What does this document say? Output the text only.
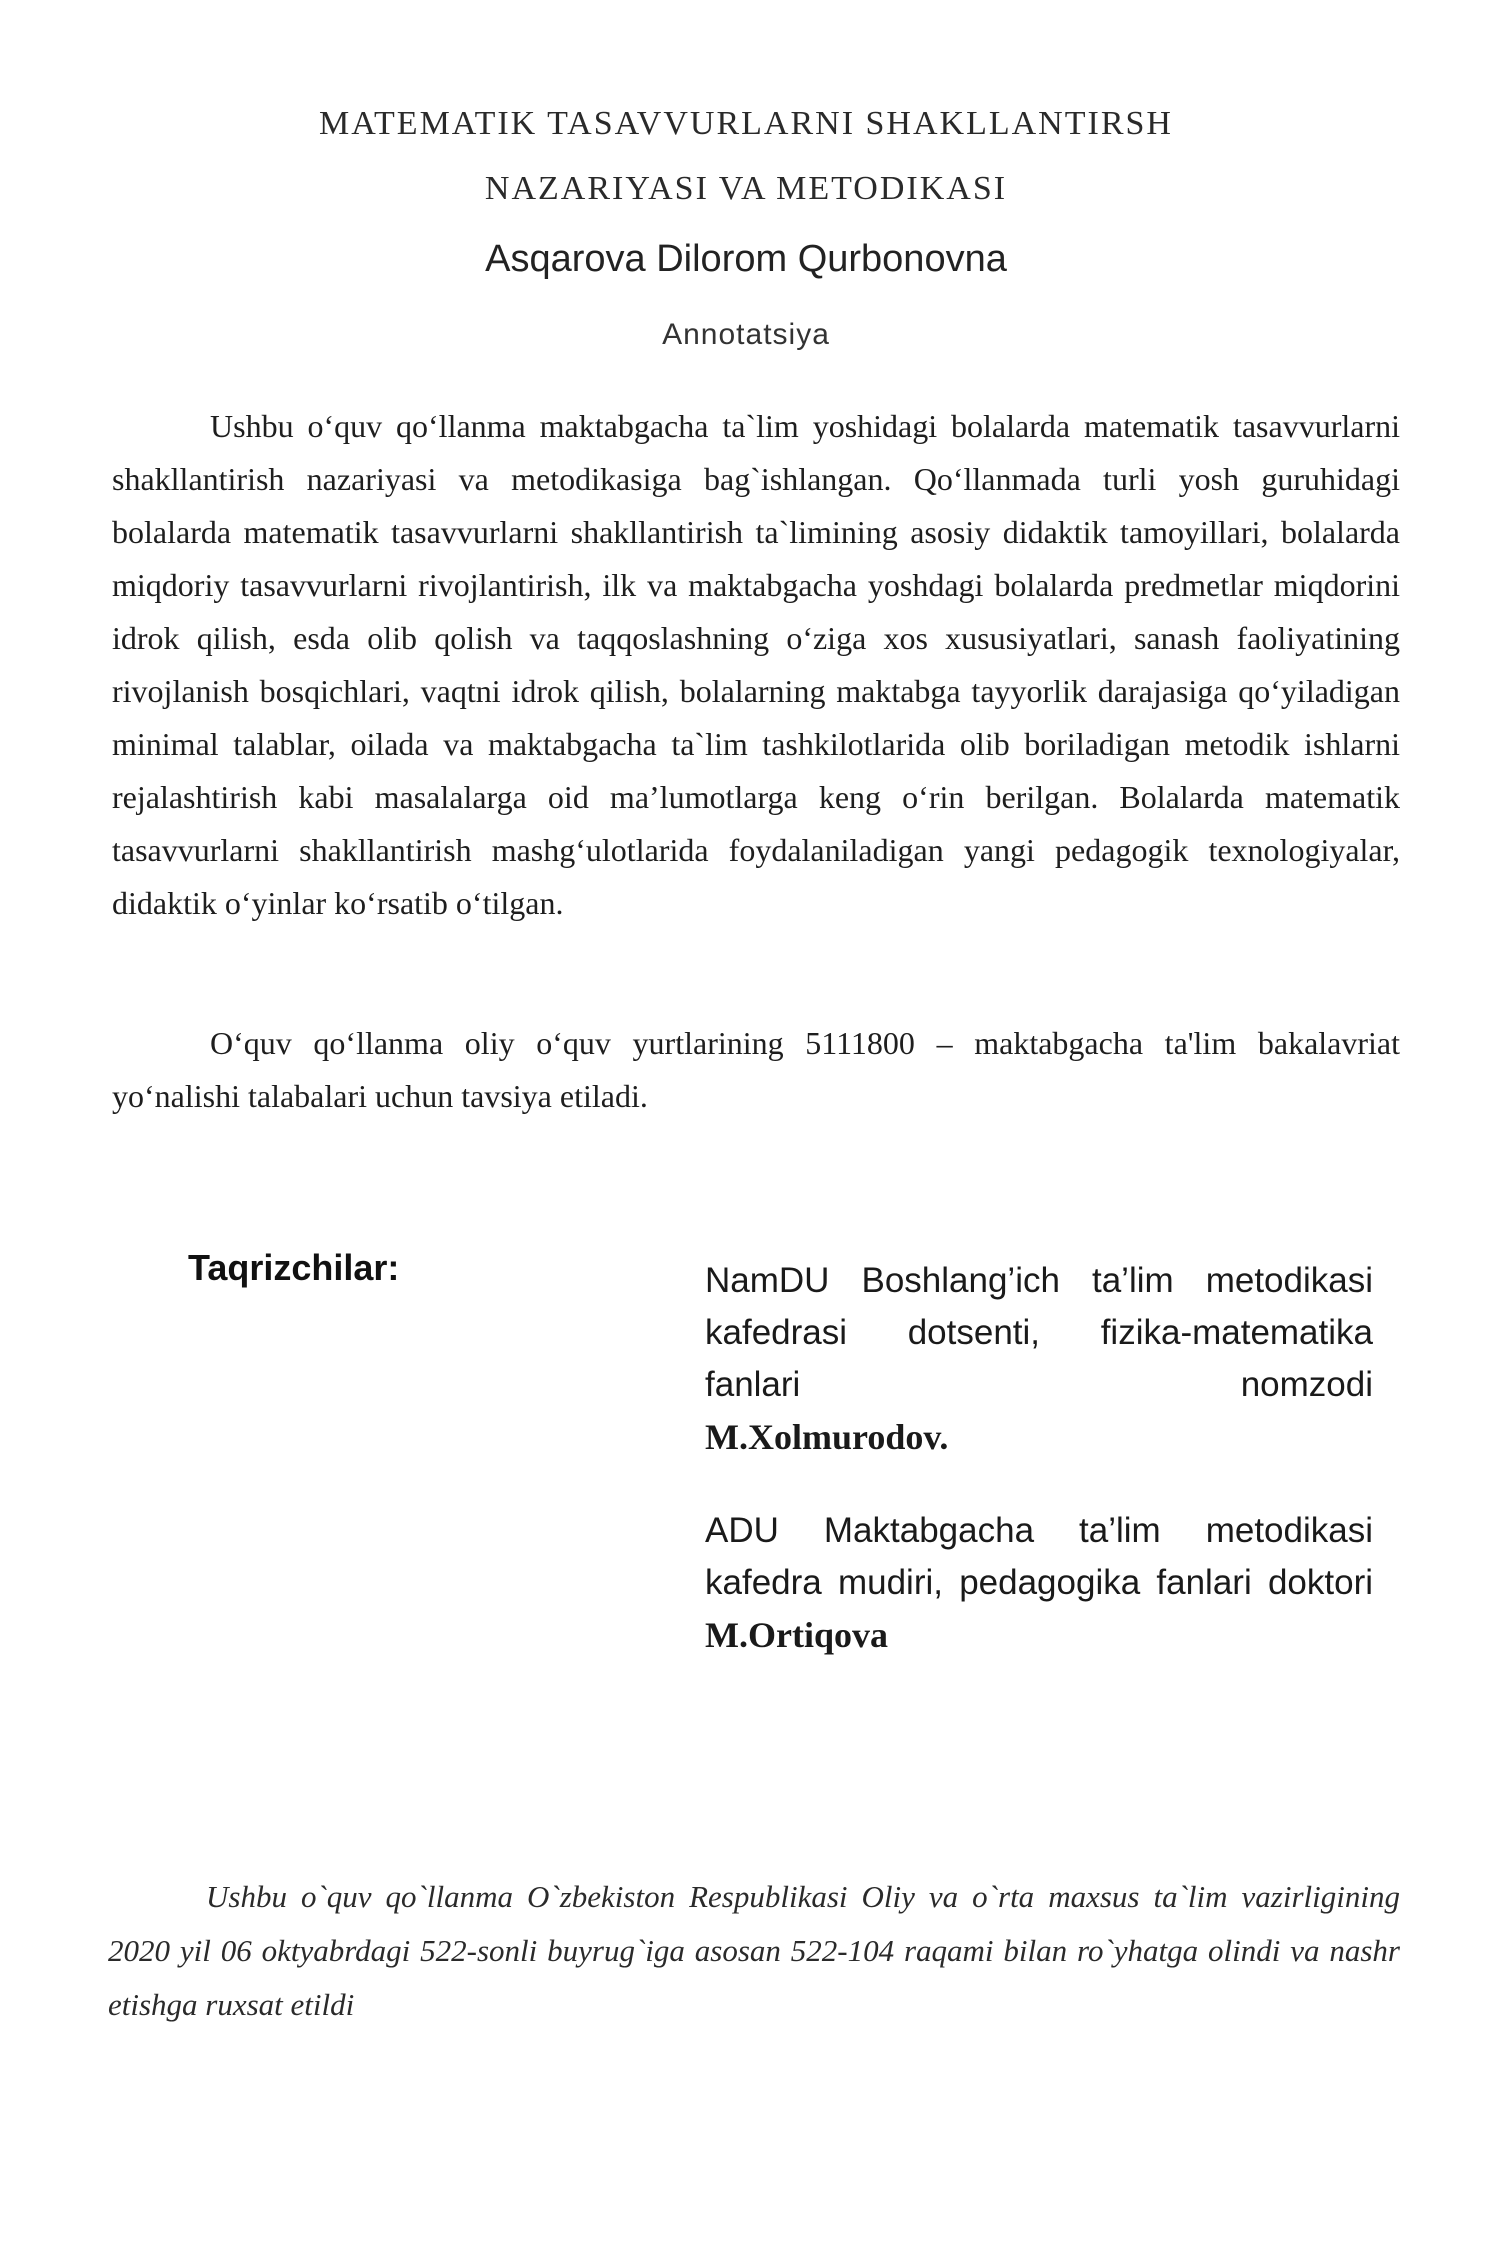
MATEMATIK TASAVVURLARNI SHAKLLANTIRSH
NAZARIYASI VA METODIKASI
Asqarova Dilorom Qurbonovna
Annotatsiya

Ushbu o‘quv qo‘llanma maktabgacha ta`lim yoshidagi bolalarda matematik tasavvurlarni shakllantirish nazariyasi va metodikasiga bag`ishlangan. Qo‘llanmada turli yosh guruhidagi bolalarda matematik tasavvurlarni shakllantirish ta`limining asosiy didaktik tamoyillari, bolalarda miqdoriy tasavvurlarni rivojlantirish, ilk va maktabgacha yoshdagi bolalarda predmetlar miqdorini idrok qilish, esda olib qolish va taqqoslashning o‘ziga xos xususiyatlari, sanash faoliyatining rivojlanish bosqichlari, vaqtni idrok qilish, bolalarning maktabga tayyorlik darajasiga qo‘yiladigan minimal talablar, oilada va maktabgacha ta`lim tashkilotlarida olib boriladigan metodik ishlarni rejalashtirish kabi masalalarga oid ma’lumotlarga keng o‘rin berilgan. Bolalarda matematik tasavvurlarni shakllantirish mashg‘ulotlarida foydalaniladigan yangi pedagogik texnologiyalar, didaktik o‘yinlar ko‘rsatib o‘tilgan.

O‘quv qo‘llanma oliy o‘quv yurtlarining 5111800 – maktabgacha ta'lim bakalavriat yo‘nalishi talabalari uchun tavsiya etiladi.

Taqrizchilar:	NamDU Boshlang’ich ta’lim metodikasi kafedrasi dotsenti, fizika-matematika fanlari nomzodi
M.Xolmurodov.
ADU Maktabgacha ta’lim metodikasi kafedra mudiri, pedagogika fanlari doktori
M.Ortiqova

Ushbu o`quv qo`llanma O`zbekiston Respublikasi Oliy va o`rta maxsus ta`lim vazirligining 2020 yil 06 oktyabrdagi 522-sonli buyrug`iga asosan 522-104 raqami bilan ro`yhatga olindi va nashr etishga ruxsat etildi
